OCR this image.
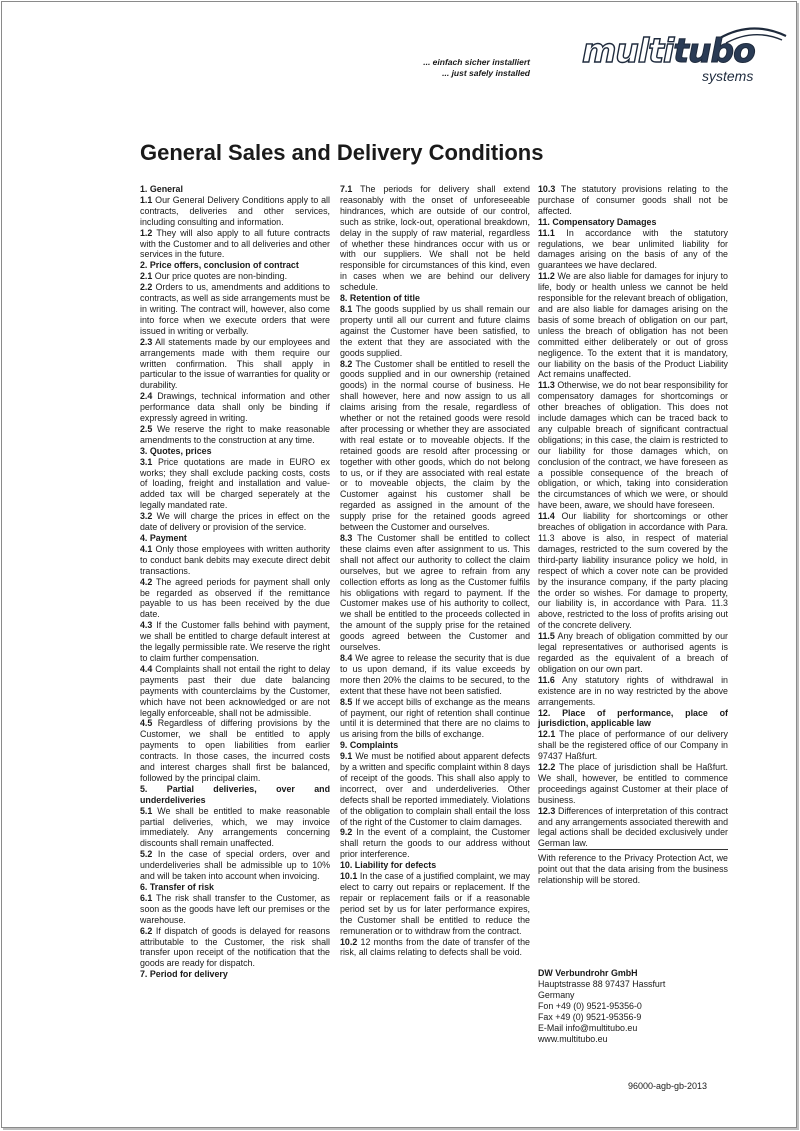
... einfach sicher installiert
... just safely installed
multitubo
systems
General Sales and Delivery Conditions

1. General

1.1 Our General Delivery Conditions apply to all contracts, deliveries and other services, including consulting and information.

1.2 They will also apply to all future contracts with the Customer and to all deliveries and other services in the future.

2. Price offers, conclusion of contract

2.1 Our price quotes are non-binding.

2.2 Orders to us, amendments and additions to contracts, as well as side arrangements must be in writing. The contract will, however, also come into force when we execute orders that were issued in writing or verbally.

2.3 All statements made by our employees and arrangements made with them require our written confirmation. This shall apply in particular to the issue of warranties for quality or durability.

2.4 Drawings, technical information and other performance data shall only be binding if expressly agreed in writing.

2.5 We reserve the right to make reasonable amendments to the construction at any time.

3. Quotes, prices

3.1 Price quotations are made in EURO ex works; they shall exclude packing costs, costs of loading, freight and installation and value-added tax will be charged seperately at the legally mandated rate.

3.2 We will charge the prices in effect on the date of delivery or provision of the service.

4. Payment

4.1 Only those employees with written authority to conduct bank debits may execute direct debit transactions.

4.2 The agreed periods for payment shall only be regarded as observed if the remittance payable to us has been received by the due date.

4.3 If the Customer falls behind with payment, we shall be entitled to charge default interest at the legally permissible rate. We reserve the right to claim further compensation.

4.4 Complaints shall not entail the right to delay payments past their due date balancing payments with counterclaims by the Customer, which have not been acknowledged or are not legally enforceable, shall not be admissible.

4.5 Regardless of differing provisions by the Customer, we shall be entitled to apply payments to open liabilities from earlier contracts. In those cases, the incurred costs and interest charges shall first be balanced, followed by the principal claim.

5. Partial deliveries, over and underdeliveries

5.1 We shall be entitled to make reasonable partial deliveries, which, we may invoice immediately. Any arrangements concerning discounts shall remain unaffected.

5.2 In the case of special orders, over and underdeliveries shall be admissible up to 10% and will be taken into account when invoicing.

6. Transfer of risk

6.1 The risk shall transfer to the Customer, as soon as the goods have left our premises or the warehouse.

6.2 If dispatch of goods is delayed for reasons attributable to the Customer, the risk shall transfer upon receipt of the notification that the goods are ready for dispatch.

7. Period for delivery

7.1 The periods for delivery shall extend reasonably with the onset of unforeseeable hindrances, which are outside of our control, such as strike, lock-out, operational breakdown, delay in the supply of raw material, regardless of whether these hindrances occur with us or with our suppliers. We shall not be held responsible for circumstances of this kind, even in cases when we are behind our delivery schedule.

8. Retention of title

8.1 The goods supplied by us shall remain our property until all our current and future claims against the Customer have been satisfied, to the extent that they are associated with the goods supplied.

8.2 The Customer shall be entitled to resell the goods supplied and in our ownership (retained goods) in the normal course of business. He shall however, here and now assign to us all claims arising from the resale, regardless of whether or not the retained goods were resold after processing or whether they are associated with real estate or to moveable objects. If the retained goods are resold after processing or together with other goods, which do not belong to us, or if they are associated with real estate or to moveable objects, the claim by the Customer against his customer shall be regarded as assigned in the amount of the supply prise for the retained goods agreed between the Customer and ourselves.

8.3 The Customer shall be entitled to collect these claims even after assignment to us. This shall not affect our authority to collect the claim ourselves, but we agree to refrain from any collection efforts as long as the Customer fulfils his obligations with regard to payment. If the Customer makes use of his authority to collect, we shall be entitled to the proceeds collected in the amount of the supply prise for the retained goods agreed between the Customer and ourselves.

8.4 We agree to release the security that is due to us upon demand, if its value exceeds by more then 20% the claims to be secured, to the extent that these have not been satisfied.

8.5 If we accept bills of exchange as the means of payment, our right of retention shall continue until it is determined that there are no claims to us arising from the bills of exchange.

9. Complaints

9.1 We must be notified about apparent defects by a written and specific complaint within 8 days of receipt of the goods. This shall also apply to incorrect, over and underdeliveries. Other defects shall be reported immediately. Violations of the obligation to complain shall entail the loss of the right of the Customer to claim damages.

9.2 In the event of a complaint, the Customer shall return the goods to our address without prior interference.

10. Liability for defects

10.1 In the case of a justified complaint, we may elect to carry out repairs or replacement. If the repair or replacement fails or if a reasonable period set by us for later performance expires, the Customer shall be entitled to reduce the remuneration or to withdraw from the contract.

10.2 12 months from the date of transfer of the risk, all claims relating to defects shall be void.

10.3 The statutory provisions relating to the purchase of consumer goods shall not be affected.

11. Compensatory Damages

11.1 In accordance with the statutory regulations, we bear unlimited liability for damages arising on the basis of any of the guarantees we have declared.

11.2 We are also liable for damages for injury to life, body or health unless we cannot be held responsible for the relevant breach of obligation, and are also liable for damages arising on the basis of some breach of obligation on our part, unless the breach of obligation has not been committed either deliberately or out of gross negligence. To the extent that it is mandatory, our liability on the basis of the Product Liability Act remains unaffected.

11.3 Otherwise, we do not bear responsibility for compensatory damages for shortcomings or other breaches of obligation. This does not include damages which can be traced back to any culpable breach of significant contractual obligations; in this case, the claim is restricted to our liability for those damages which, on conclusion of the contract, we have foreseen as a possible consequence of the breach of obligation, or which, taking into consideration the circumstances of which we were, or should have been, aware, we should have foreseen.

11.4 Our liability for shortcomings or other breaches of obligation in accordance with Para. 11.3 above is also, in respect of material damages, restricted to the sum covered by the third-party liability insurance policy we hold, in respect of which a cover note can be provided by the insurance company, if the party placing the order so wishes. For damage to property, our liability is, in accordance with Para. 11.3 above, restricted to the loss of profits arising out of the concrete delivery.

11.5 Any breach of obligation committed by our legal representatives or authorised agents is regarded as the equivalent of a breach of obligation on our own part.

11.6 Any statutory rights of withdrawal in existence are in no way restricted by the above arrangements.

12. Place of performance, place of jurisdiction, applicable law

12.1 The place of performance of our delivery shall be the registered office of our Company in 97437 Haßfurt.

12.2 The place of jurisdiction shall be Haßfurt. We shall, however, be entitled to commence proceedings against Customer at their place of business.

12.3 Differences of interpretation of this contract and any arrangements associated therewith and legal actions shall be decided exclusively under German law.

With reference to the Privacy Protection Act, we point out that the data arising from the business relationship will be stored.

DW Verbundrohr GmbH
Hauptstrasse 88 97437 Hassfurt
Germany
Fon +49 (0) 9521-95356-0
Fax +49 (0) 9521-95356-9
E-Mail info@multitubo.eu
www.multitubo.eu
96000-agb-gb-2013
